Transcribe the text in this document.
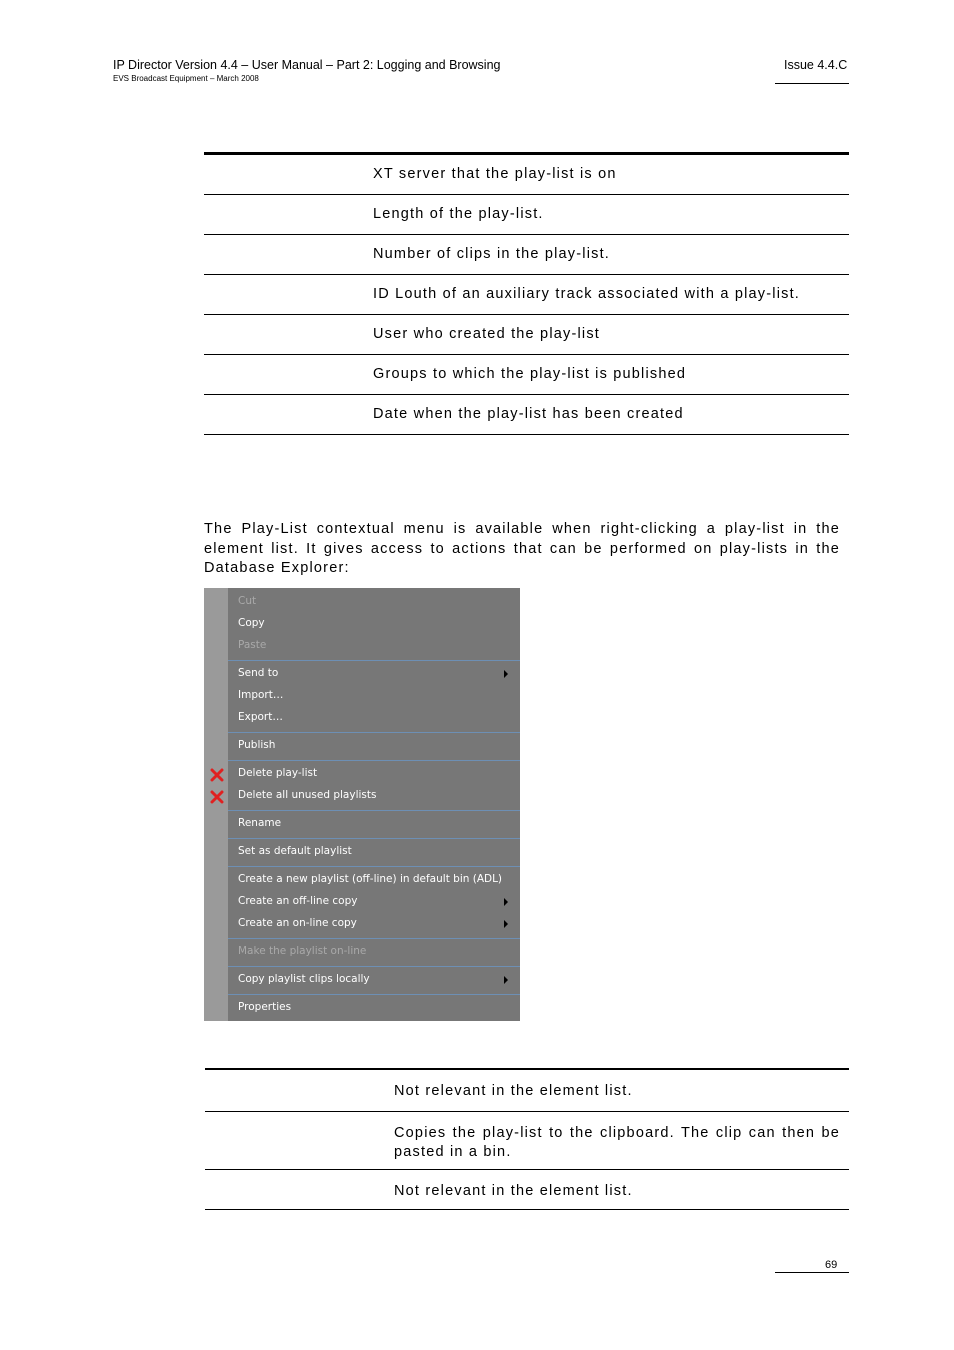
IP Director Version 4.4 – User Manual – Part 2: Logging and Browsing
EVS Broadcast Equipment – March 2008
Issue 4.4.C
XT server that the play-list is on
Length of the play-list.
Number of clips in the play-list.
ID Louth of an auxiliary track associated with a play-list.
User who created the play-list
Groups to which the play-list is published
Date when the play-list has been created
The Play-List contextual menu is available when right-clicking a play-list in the element list. It gives access to actions that can be performed on play-lists in the Database Explorer:
Cut
Copy
Paste
Send to
Import…
Export…
Publish
Delete play-list
Delete all unused playlists
Rename
Set as default playlist
Create a new playlist (off-line) in default bin (ADL)
Create an off-line copy
Create an on-line copy
Make the playlist on-line
Copy playlist clips locally
Properties
Not relevant in the element list.
Copies the play-list to the clipboard. The clip can then be pasted in a bin.
Not relevant in the element list.
69
